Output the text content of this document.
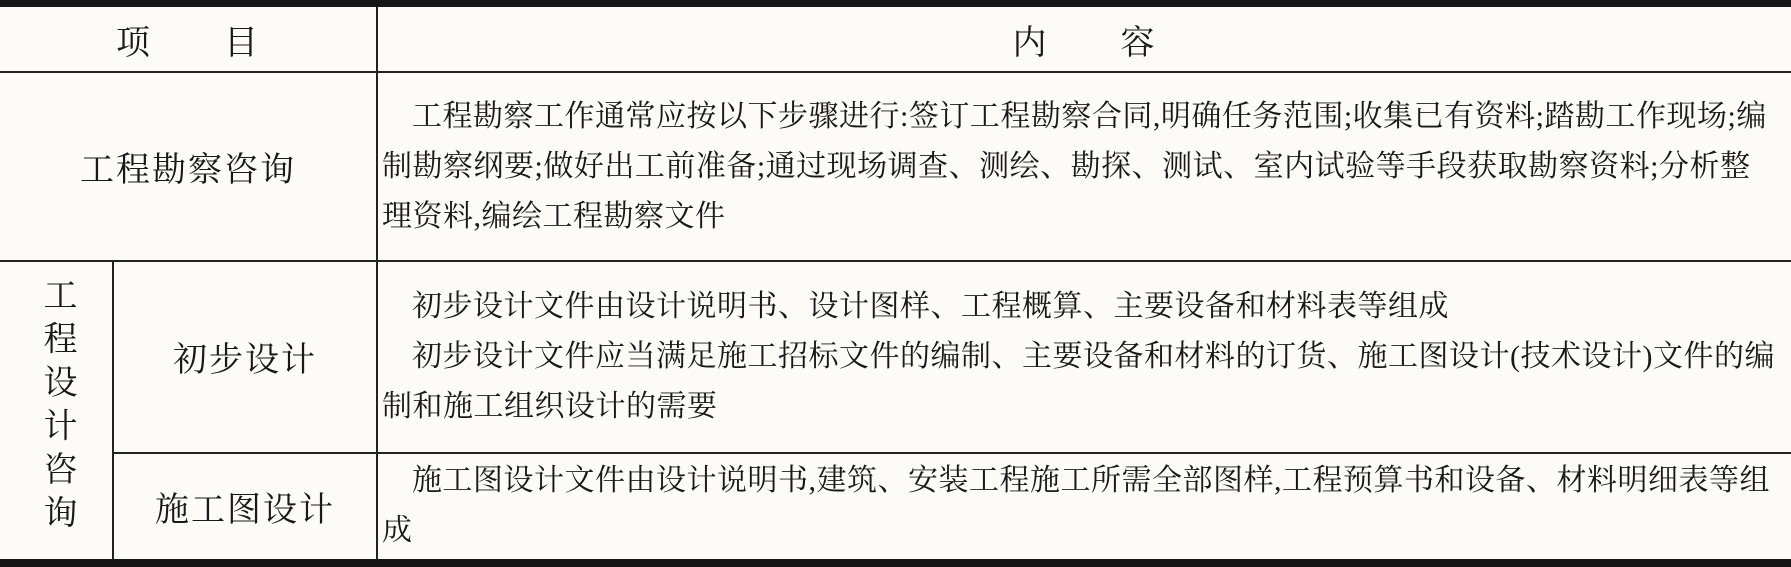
项　　目		内　　容
工程勘察咨询		工程勘察工作通常应按以下步骤进行:签订工程勘察合同,明确任务范围;收集已有资料;踏勘工作现场;编制勘察纲要;做好出工前准备;通过现场调查、测绘、勘探、测试、室内试验等手段获取勘察资料;分析整理资料,编绘工程勘察文件

工程设计咨询	初步设计	初步设计文件由设计说明书、设计图样、工程概算、主要设备和材料表等组成

初步设计文件应当满足施工招标文件的编制、主要设备和材料的订货、施工图设计(技术设计)文件的编制和施工组织设计的需要

	施工图设计	施工图设计文件由设计说明书,建筑、安装工程施工所需全部图样,工程预算书和设备、材料明细表等组成
